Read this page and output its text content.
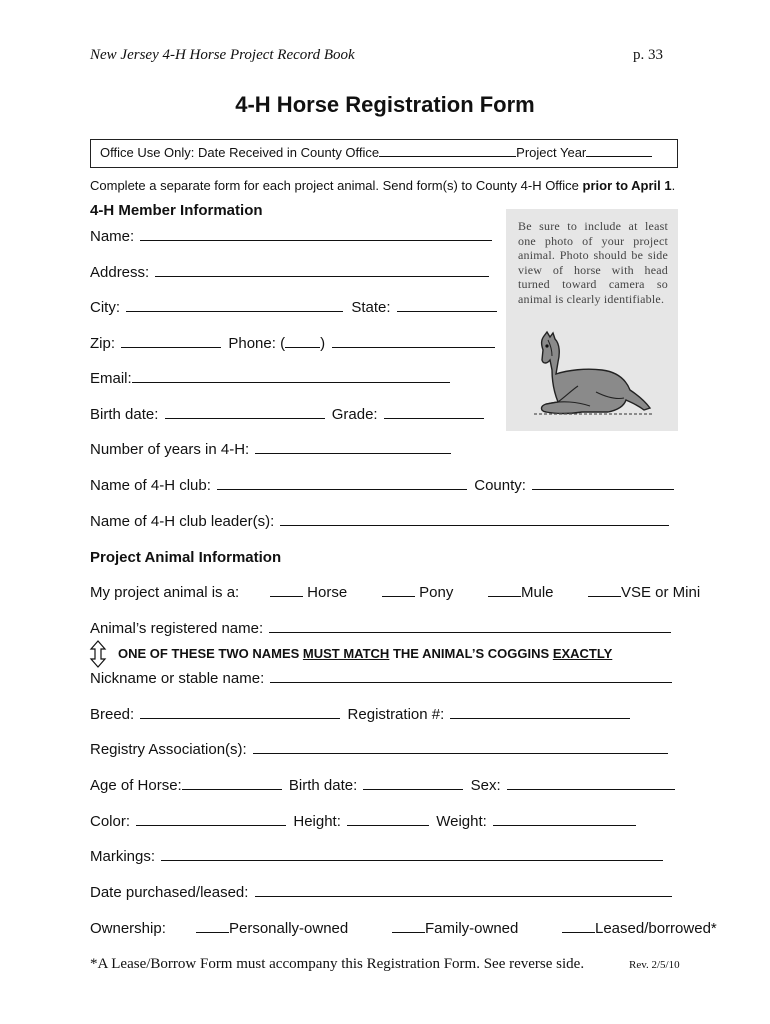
New Jersey 4-H Horse Project Record Book	p. 33
4-H Horse Registration Form
Office Use Only: Date Received in County Office	Project Year
Complete a separate form for each project animal. Send form(s) to County 4-H Office prior to April 1.
4-H Member Information
Name:
Address:
City:	State:
Zip:	Phone: ( )
Email:
Birth date:	Grade:
Number of years in 4-H:
Name of 4-H club:	County:
Name of 4-H club leader(s):
Be sure to include at least one photo of your project animal. Photo should be side view of horse with head turned toward camera so animal is clearly identifiable.
Project Animal Information
My project animal is a:	Horse	Pony	Mule	VSE or Mini
Animal’s registered name:
ONE OF THESE TWO NAMES MUST MATCH THE ANIMAL’S COGGINS EXACTLY
Nickname or stable name:
Breed:	Registration #:
Registry Association(s):
Age of Horse:	Birth date:	Sex:
Color:	Height:	Weight:
Markings:
Date purchased/leased:
Ownership:	Personally-owned	Family-owned	Leased/borrowed*
*A Lease/Borrow Form must accompany this Registration Form. See reverse side.	Rev. 2/5/10
